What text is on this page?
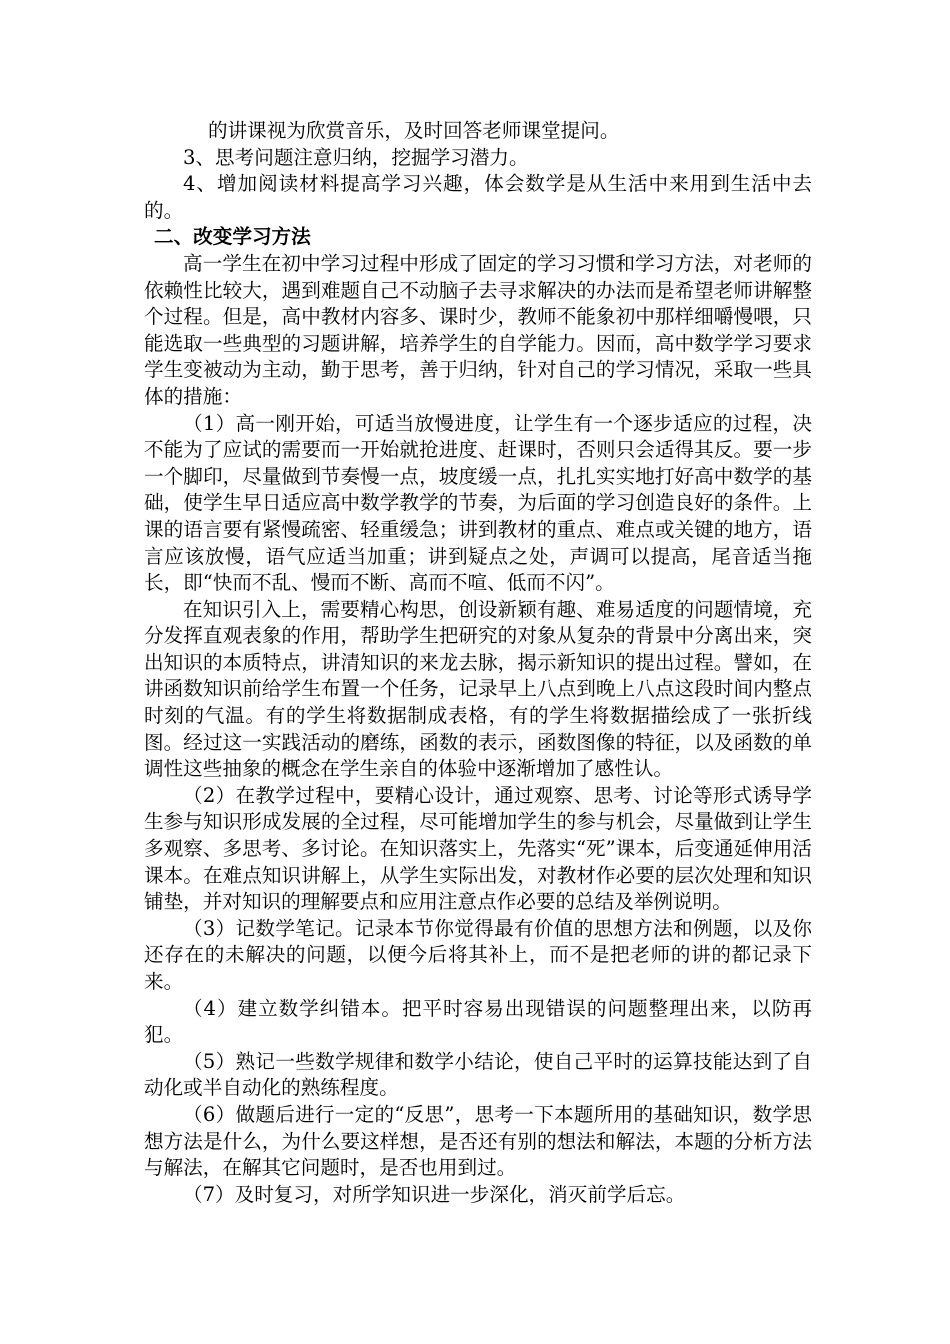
的讲课视为欣赏音乐，及时回答老师课堂提问。

3、思考问题注意归纳，挖掘学习潜力。

4、增加阅读材料提高学习兴趣，体会数学是从生活中来用到生活中去的。

二、改变学习方法

高一学生在初中学习过程中形成了固定的学习习惯和学习方法，对老师的依赖性比较大，遇到难题自己不动脑子去寻求解决的办法而是希望老师讲解整个过程。但是，高中教材内容多、课时少，教师不能象初中那样细嚼慢喂，只能选取一些典型的习题讲解，培养学生的自学能力。因而，高中数学学习要求学生变被动为主动，勤于思考，善于归纳，针对自己的学习情况，采取一些具体的措施：

（1）高一刚开始，可适当放慢进度，让学生有一个逐步适应的过程，决不能为了应试的需要而一开始就抢进度、赶课时，否则只会适得其反。要一步一个脚印，尽量做到节奏慢一点，坡度缓一点，扎扎实实地打好高中数学的基础，使学生早日适应高中数学教学的节奏，为后面的学习创造良好的条件。上课的语言要有紧慢疏密、轻重缓急；讲到教材的重点、难点或关键的地方，语言应该放慢，语气应适当加重；讲到疑点之处，声调可以提高，尾音适当拖长，即“快而不乱、慢而不断、高而不喧、低而不闪”。

在知识引入上，需要精心构思，创设新颖有趣、难易适度的问题情境，充分发挥直观表象的作用，帮助学生把研究的对象从复杂的背景中分离出来，突出知识的本质特点，讲清知识的来龙去脉，揭示新知识的提出过程。譬如，在讲函数知识前给学生布置一个任务，记录早上八点到晚上八点这段时间内整点时刻的气温。有的学生将数据制成表格，有的学生将数据描绘成了一张折线图。经过这一实践活动的磨练，函数的表示，函数图像的特征，以及函数的单调性这些抽象的概念在学生亲自的体验中逐渐增加了感性认。

（2）在教学过程中，要精心设计，通过观察、思考、讨论等形式诱导学生参与知识形成发展的全过程，尽可能增加学生的参与机会，尽量做到让学生多观察、多思考、多讨论。在知识落实上，先落实“死”课本，后变通延伸用活课本。在难点知识讲解上，从学生实际出发，对教材作必要的层次处理和知识铺垫，并对知识的理解要点和应用注意点作必要的总结及举例说明。

（3）记数学笔记。记录本节你觉得最有价值的思想方法和例题，以及你还存在的未解决的问题，以便今后将其补上，而不是把老师的讲的都记录下来。

（4）建立数学纠错本。把平时容易出现错误的问题整理出来，以防再犯。

（5）熟记一些数学规律和数学小结论，使自己平时的运算技能达到了自动化或半自动化的熟练程度。

（6）做题后进行一定的“反思”，思考一下本题所用的基础知识，数学思想方法是什么，为什么要这样想，是否还有别的想法和解法，本题的分析方法与解法，在解其它问题时，是否也用到过。

（7）及时复习，对所学知识进一步深化，消灭前学后忘。
